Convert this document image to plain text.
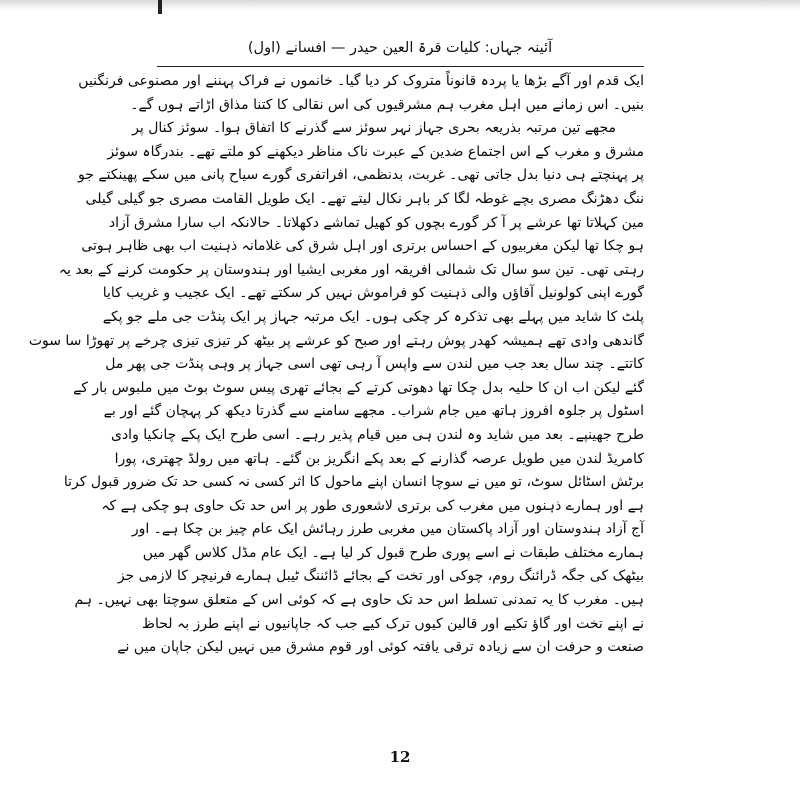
آئینہ جہاں: کلیات قرۃ العین حیدر — افسانے (اول)
ایک قدم اور آگے بڑھا یا پردہ قانوناً متروک کر دیا گیا۔ خانموں نے فراک پہننے اور مصنوعی فرنگنیں
بنیں۔ اس زمانے میں اہل مغرب ہم مشرقیوں کی اس نقالی کا کتنا مذاق اڑاتے ہوں گے۔
مجھے تین مرتبہ بذریعہ بحری جہاز نہر سوئز سے گذرنے کا اتفاق ہوا۔ سوئز کنال پر
مشرق و مغرب کے اس اجتماع ضدین کے عبرت ناک مناظر دیکھنے کو ملتے تھے۔ بندرگاہ سوئز
پر پہنچتے ہی دنیا بدل جاتی تھی۔ غربت، بدنظمی، افراتفری گورے سیاح پانی میں سکے پھینکتے جو
ننگ دھڑنگ مصری بچے غوطہ لگا کر باہر نکال لیتے تھے۔ ایک طویل القامت مصری جو گیلی گیلی
مین کہلاتا تھا عرشے پر آ کر گورے بچوں کو کھیل تماشے دکھلاتا۔ حالانکہ اب سارا مشرق آزاد
ہو چکا تھا لیکن مغربیوں کے احساس برتری اور اہل شرق کی غلامانہ ذہنیت اب بھی ظاہر ہوتی
رہتی تھی۔ تین سو سال تک شمالی افریقہ اور مغربی ایشیا اور ہندوستان پر حکومت کرنے کے بعد یہ
گورے اپنی کولونیل آقاؤں والی ذہنیت کو فراموش نہیں کر سکتے تھے۔ ایک عجیب و غریب کایا
پلٹ کا شاید میں پہلے بھی تذکرہ کر چکی ہوں۔ ایک مرتبہ جہاز پر ایک پنڈت جی ملے جو پکے
گاندھی وادی تھے ہمیشہ کھدر پوش رہتے اور صبح کو عرشے پر بیٹھ کر تیزی تیزی چرخے پر تھوڑا سا سوت
کاتتے۔ چند سال بعد جب میں لندن سے واپس آ رہی تھی اسی جہاز پر وہی پنڈت جی پھر مل
گئے لیکن اب ان کا حلیہ بدل چکا تھا دھوتی کرتے کے بجائے تھری پیس سوٹ بوٹ میں ملبوس بار کے
اسٹول پر جلوہ افروز ہاتھ میں جام شراب۔ مجھے سامنے سے گذرتا دیکھ کر پہچان گئے اور بے
طرح جھینپے۔ بعد میں شاید وہ لندن ہی میں قیام پذیر رہے۔ اسی طرح ایک پکے چانکیا وادی
کامریڈ لندن میں طویل عرصہ گذارنے کے بعد پکے انگریز بن گئے۔ ہاتھ میں رولڈ چھتری، پورا
برٹش اسٹائل سوٹ، تو میں نے سوچا انسان اپنے ماحول کا اثر کسی نہ کسی حد تک ضرور قبول کرتا
ہے اور ہمارے ذہنوں میں مغرب کی برتری لاشعوری طور پر اس حد تک حاوی ہو چکی ہے کہ
آج آزاد ہندوستان اور آزاد پاکستان میں مغربی طرز رہائش ایک عام چیز بن چکا ہے۔ اور
ہمارے مختلف طبقات نے اسے پوری طرح قبول کر لیا ہے۔ ایک عام مڈل کلاس گھر میں
بیٹھک کی جگہ ڈرائنگ روم، چوکی اور تخت کے بجائے ڈائننگ ٹیبل ہمارے فرنیچر کا لازمی جز
ہیں۔ مغرب کا یہ تمدنی تسلط اس حد تک حاوی ہے کہ کوئی اس کے متعلق سوچتا بھی نہیں۔ ہم
نے اپنے تخت اور گاؤ تکیے اور قالین کیوں ترک کیے جب کہ جاپانیوں نے اپنے طرز بہ لحاظ
صنعت و حرفت ان سے زیادہ ترقی یافتہ کوئی اور قوم مشرق میں نہیں لیکن جاپان میں نے
12
